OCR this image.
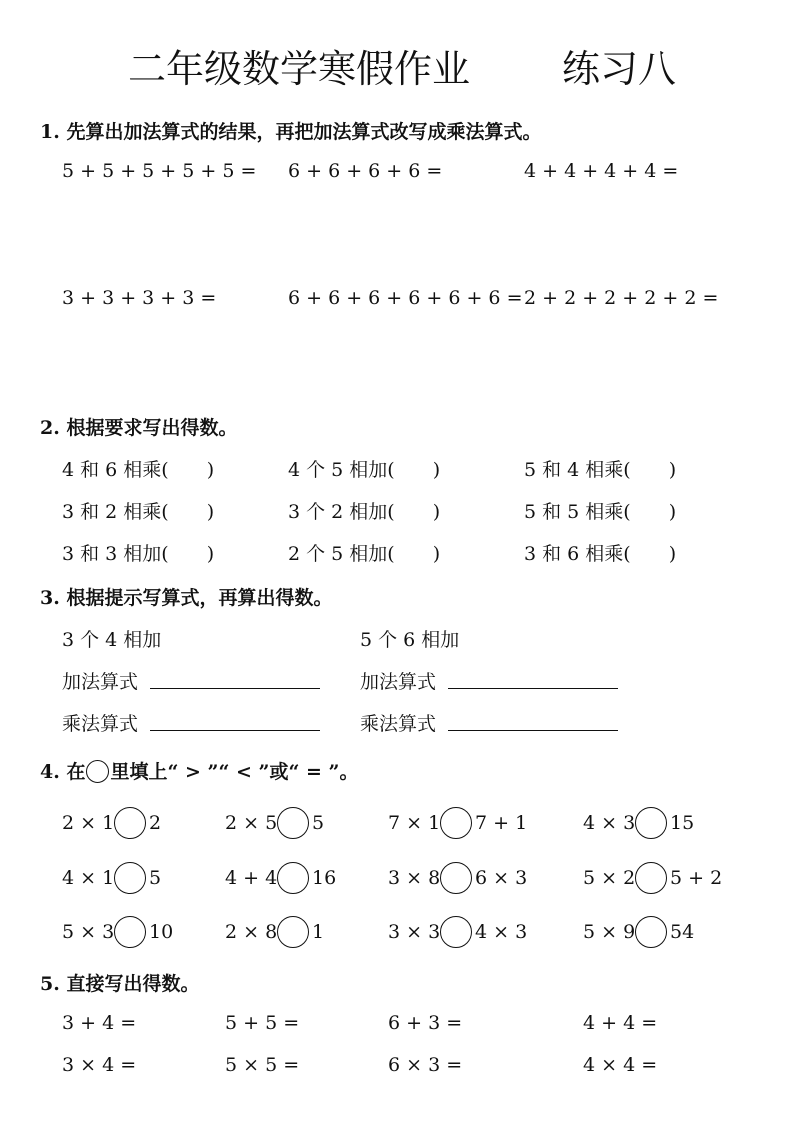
二年级数学寒假作业 练习八
1. 先算出加法算式的结果，再把加法算式改写成乘法算式。
5 + 5 + 5 + 5 + 5 = 6 + 6 + 6 + 6 =	4 + 4 + 4 + 4 =
3 + 3 + 3 + 3 =	6 + 6 + 6 + 6 + 6 + 6 = 2 + 2 + 2 + 2 + 2 =
2. 根据要求写出得数。
4 和 6 相乘(　　)	4 个 5 相加(　　)	5 和 4 相乘(　　)
3 和 2 相乘(　　)	3 个 2 相加(　　)	5 和 5 相乘(　　)
3 和 3 相加(　　)	2 个 5 相加(　　)	3 和 6 相乘(　　)
3. 根据提示写算式，再算出得数。
3 个 4 相加	5 个 6 相加
加法算式	加法算式
乘法算式	乘法算式
4. 在 里填上“ > ”“ < ”或“ = ”。
2 × 1 2	2 × 5 5	7 × 1 7 + 1	4 × 3 15
4 × 1 5	4 + 4 16	3 × 8 6 × 3	5 × 2 5 + 2
5 × 3 10	2 × 8 1	3 × 3 4 × 3	5 × 9 54
5. 直接写出得数。
3 + 4 =	5 + 5 =	6 + 3 =	4 + 4 =
3 × 4 =	5 × 5 =	6 × 3 =	4 × 4 =
